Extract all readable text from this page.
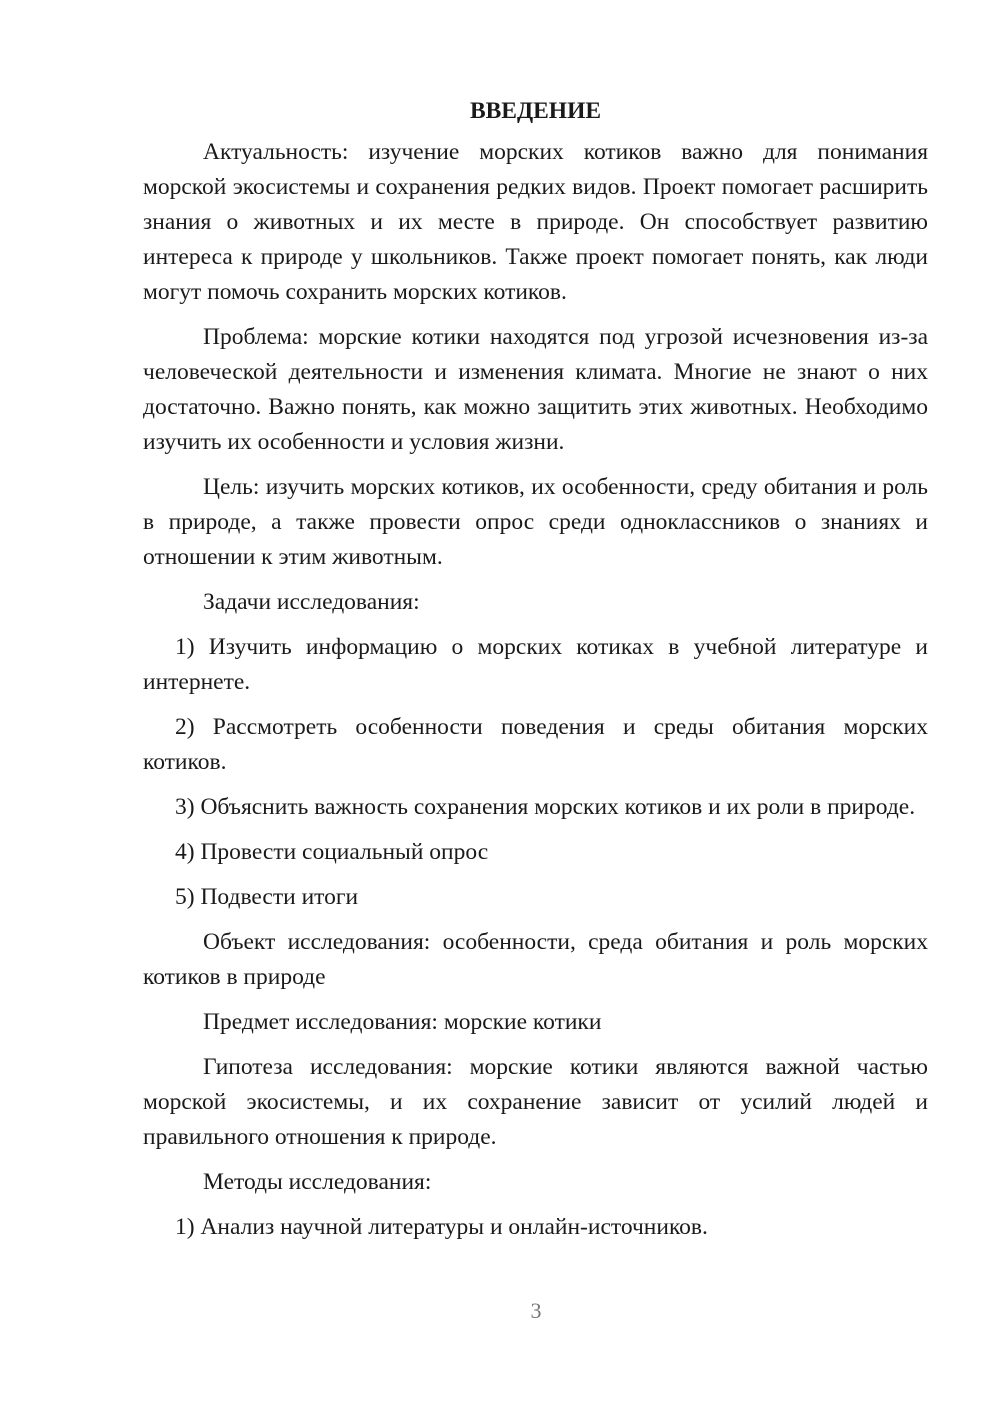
ВВЕДЕНИЕ

Актуальность: изучение морских котиков важно для понимания морской экосистемы и сохранения редких видов. Проект помогает расширить знания о животных и их месте в природе. Он способствует развитию интереса к природе у школьников. Также проект помогает понять, как люди могут помочь сохранить морских котиков.

Проблема: морские котики находятся под угрозой исчезновения из-за человеческой деятельности и изменения климата. Многие не знают о них достаточно. Важно понять, как можно защитить этих животных. Необходимо изучить их особенности и условия жизни.

Цель: изучить морских котиков, их особенности, среду обитания и роль в природе, а также провести опрос среди одноклассников о знаниях и отношении к этим животным.

Задачи исследования:

1) Изучить информацию о морских котиках в учебной литературе и интернете.

2) Рассмотреть особенности поведения и среды обитания морских котиков.

3) Объяснить важность сохранения морских котиков и их роли в природе.

4) Провести социальный опрос

5) Подвести итоги

Объект исследования: особенности, среда обитания и роль морских котиков в природе

Предмет исследования: морские котики

Гипотеза исследования: морские котики являются важной частью морской экосистемы, и их сохранение зависит от усилий людей и правильного отношения к природе.

Методы исследования:

1) Анализ научной литературы и онлайн-источников.

3
